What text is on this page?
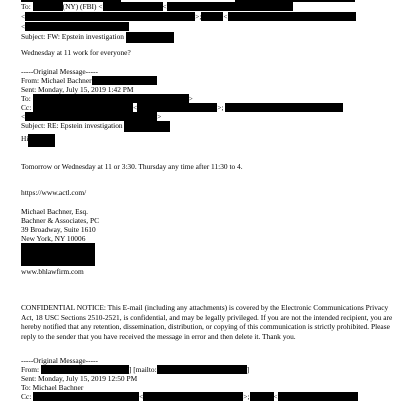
To:	(NY) (FBI) <	<
<	>;	<
<
Subject: FW: Epstein investigation
Wednesday at 11 work for everyone?
-----Original Message-----
From: Michael Bachner
Sent: Monday, July 15, 2019 1:42 PM
To:	>
Cc:	<	>;
<	>
Subject: RE: Epstein investigation
Hi
Tomorrow or Wednesday at 11 or 3:30. Thursday any time after 11:30 to 4.
https://www.actl.com/
Michael Bachner, Esq.
Bachner & Associates, PC
39 Broadway, Suite 1610
New York, NY 10006
www.bhlawfirm.com
CONFIDENTIAL NOTICE: This E-mail (including any attachments) is covered by the Electronic Communications Privacy Act, 18 USC Sections 2510-2521, is confidential, and may be legally privileged. If you are not the intended recipient, you are hereby notified that any retention, dissemination, distribution, or copying of this communication is strictly prohibited. Please reply to the sender that you have received the message in error and then delete it. Thank you.
-----Original Message-----
From:	] [mailto:	]
Sent: Monday, July 15, 2019 12:50 PM
To: Michael Bachner
Cc:	<	>;	<
